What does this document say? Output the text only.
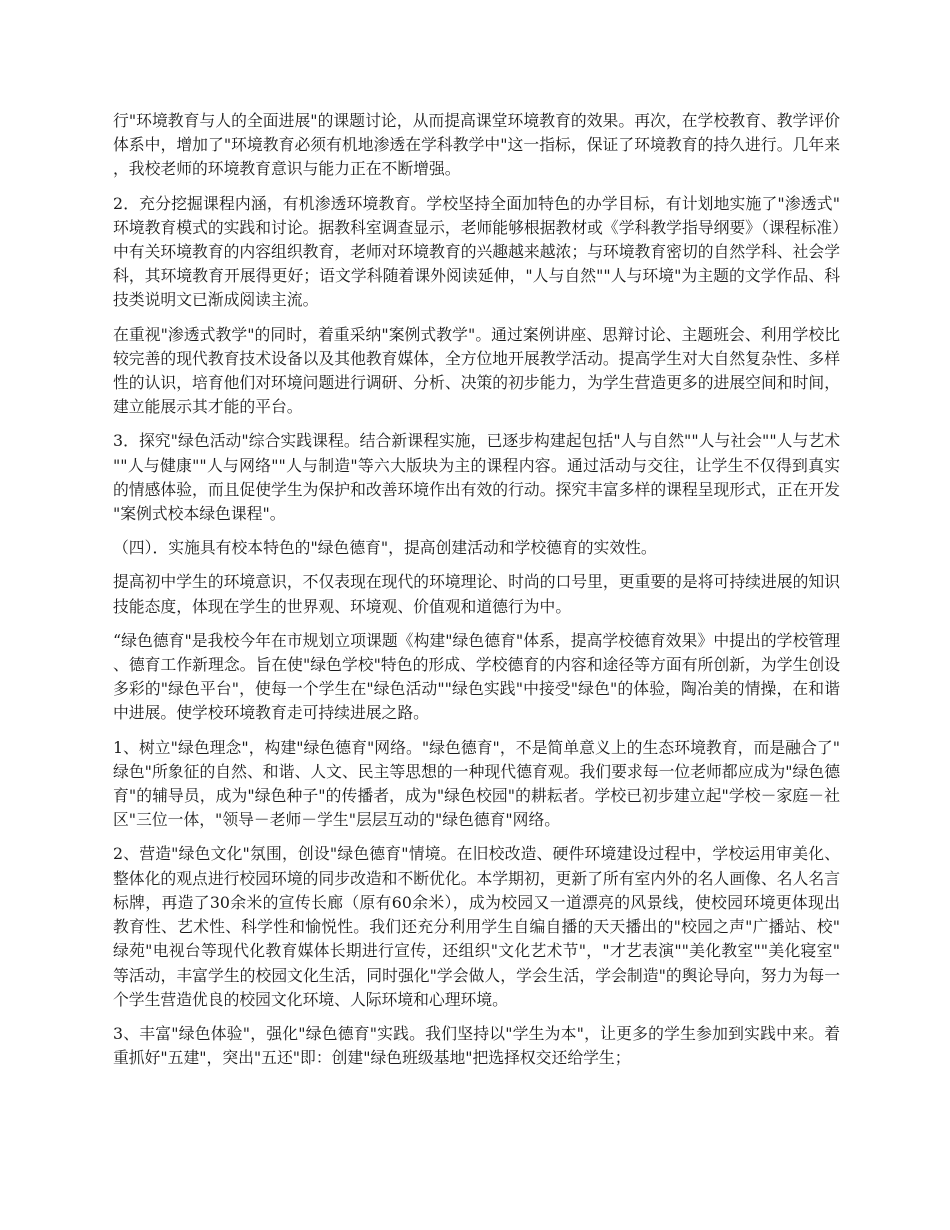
行"环境教育与人的全面进展"的课题讨论，从而提高课堂环境教育的效果。再次，在学校教育、教学评价体系中，增加了"环境教育必须有机地渗透在学科教学中"这一指标，保证了环境教育的持久进行。几年来，我校老师的环境教育意识与能力正在不断增强。

2．充分挖掘课程内涵，有机渗透环境教育。学校坚持全面加特色的办学目标，有计划地实施了"渗透式"环境教育模式的实践和讨论。据教科室调查显示，老师能够根据教材或《学科教学指导纲要》（课程标准）中有关环境教育的内容组织教育，老师对环境教育的兴趣越来越浓；与环境教育密切的自然学科、社会学科，其环境教育开展得更好；语文学科随着课外阅读延伸，"人与自然""人与环境"为主题的文学作品、科技类说明文已渐成阅读主流。

在重视"渗透式教学"的同时，着重采纳"案例式教学"。通过案例讲座、思辩讨论、主题班会、利用学校比较完善的现代教育技术设备以及其他教育媒体，全方位地开展教学活动。提高学生对大自然复杂性、多样性的认识，培育他们对环境问题进行调研、分析、决策的初步能力，为学生营造更多的进展空间和时间，建立能展示其才能的平台。

3．探究"绿色活动"综合实践课程。结合新课程实施，已逐步构建起包括"人与自然""人与社会""人与艺术""人与健康""人与网络""人与制造"等六大版块为主的课程内容。通过活动与交往，让学生不仅得到真实的情感体验，而且促使学生为保护和改善环境作出有效的行动。探究丰富多样的课程呈现形式，正在开发"案例式校本绿色课程"。

（四）．实施具有校本特色的"绿色德育"，提高创建活动和学校德育的实效性。

提高初中学生的环境意识，不仅表现在现代的环境理论、时尚的口号里，更重要的是将可持续进展的知识技能态度，体现在学生的世界观、环境观、价值观和道德行为中。

“绿色德育"是我校今年在市规划立项课题《构建"绿色德育"体系，提高学校德育效果》中提出的学校管理、德育工作新理念。旨在使"绿色学校"特色的形成、学校德育的内容和途径等方面有所创新，为学生创设多彩的"绿色平台"，使每一个学生在"绿色活动""绿色实践"中接受"绿色"的体验，陶冶美的情操，在和谐中进展。使学校环境教育走可持续进展之路。

1、树立"绿色理念"，构建"绿色德育"网络。"绿色德育"，不是简单意义上的生态环境教育，而是融合了"绿色"所象征的自然、和谐、人文、民主等思想的一种现代德育观。我们要求每一位老师都应成为"绿色德育"的辅导员，成为"绿色种子"的传播者，成为"绿色校园"的耕耘者。学校已初步建立起"学校－家庭－社区"三位一体，"领导－老师－学生"层层互动的"绿色德育"网络。

2、营造"绿色文化"氛围，创设"绿色德育"情境。在旧校改造、硬件环境建设过程中，学校运用审美化、整体化的观点进行校园环境的同步改造和不断优化。本学期初，更新了所有室内外的名人画像、名人名言标牌，再造了30余米的宣传长廊（原有60余米），成为校园又一道漂亮的风景线，使校园环境更体现出教育性、艺术性、科学性和愉悦性。我们还充分利用学生自编自播的天天播出的"校园之声"广播站、校"绿苑"电视台等现代化教育媒体长期进行宣传，还组织"文化艺术节"，"才艺表演""美化教室""美化寝室"等活动，丰富学生的校园文化生活，同时强化"学会做人，学会生活，学会制造"的舆论导向，努力为每一个学生营造优良的校园文化环境、人际环境和心理环境。

3、丰富"绿色体验"，强化"绿色德育"实践。我们坚持以"学生为本"，让更多的学生参加到实践中来。着重抓好"五建"，突出"五还"即：创建"绿色班级基地"把选择权交还给学生；
